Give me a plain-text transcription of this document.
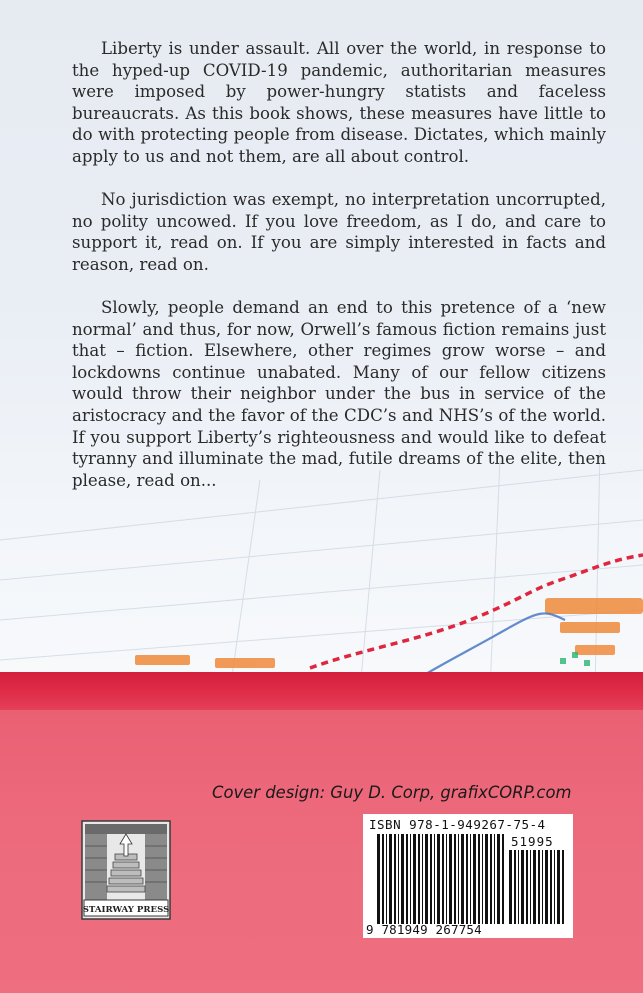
Liberty is under assault. All over the world, in response to the hyped-up COVID-19 pandemic, authoritarian measures were imposed by power-hungry statists and faceless bureaucrats. As this book shows, these measures have little to do with protecting people from disease. Dictates, which mainly apply to us and not them, are all about control.

No jurisdiction was exempt, no interpretation uncorrupted, no polity uncowed. If you love freedom, as I do, and care to support it, read on. If you are simply interested in facts and reason, read on.

Slowly, people demand an end to this pretence of a ‘new normal’ and thus, for now, Orwell’s famous fiction remains just that – fiction. Elsewhere, other regimes grow worse – and lockdowns continue unabated. Many of our fellow citizens would throw their neighbor under the bus in service of the aristocracy and the favor of the CDC’s and NHS’s of the world. If you support Liberty’s righteousness and would like to defeat tyranny and illuminate the mad, futile dreams of the elite, then please, read on...

Cover design: Guy D. Corp, grafixCORP.com
STAIRWAY PRESS
ISBN 978-1-949267-75-4
51995
9 781949 267754
